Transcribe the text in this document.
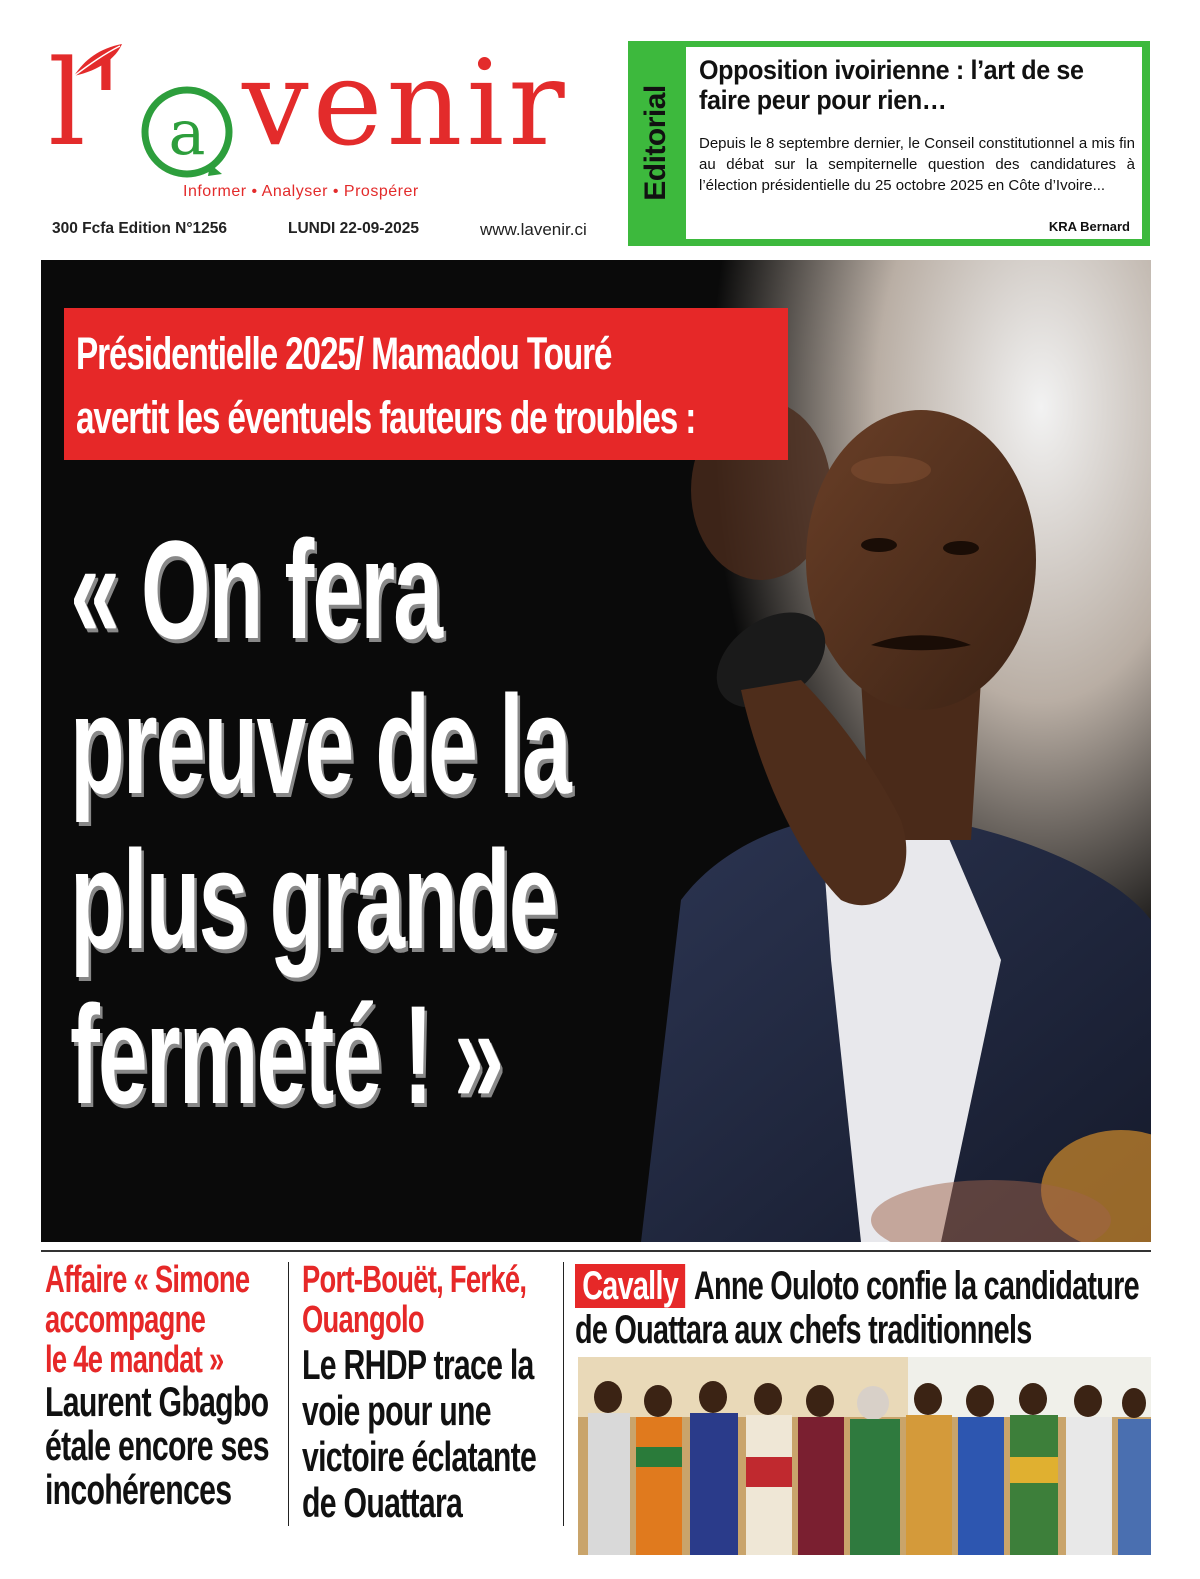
l' a venir
Informer • Analyser • Prospérer
300 Fcfa Edition N°1256	LUNDI 22-09-2025	www.lavenir.ci
Editorial
Opposition ivoirienne : l’art de se faire peur pour rien…
Depuis le 8 septembre dernier, le Conseil constitutionnel a mis fin au débat sur la sempiternelle question des candidatures à l’élection présidentielle du 25 octobre 2025 en Côte d’Ivoire...
KRA Bernard
Présidentielle 2025/ Mamadou Touré
avertit les éventuels fauteurs de troubles :
« On fera
preuve de la
plus grande
fermeté ! »
Affaire « Simone
accompagne
le 4e mandat »
Laurent Gbagbo
étale encore ses
incohérences
Port-Bouët, Ferké,
Ouangolo
Le RHDP trace la
voie pour une
victoire éclatante
de Ouattara
Cavally Anne Ouloto confie la candidature
de Ouattara aux chefs traditionnels
